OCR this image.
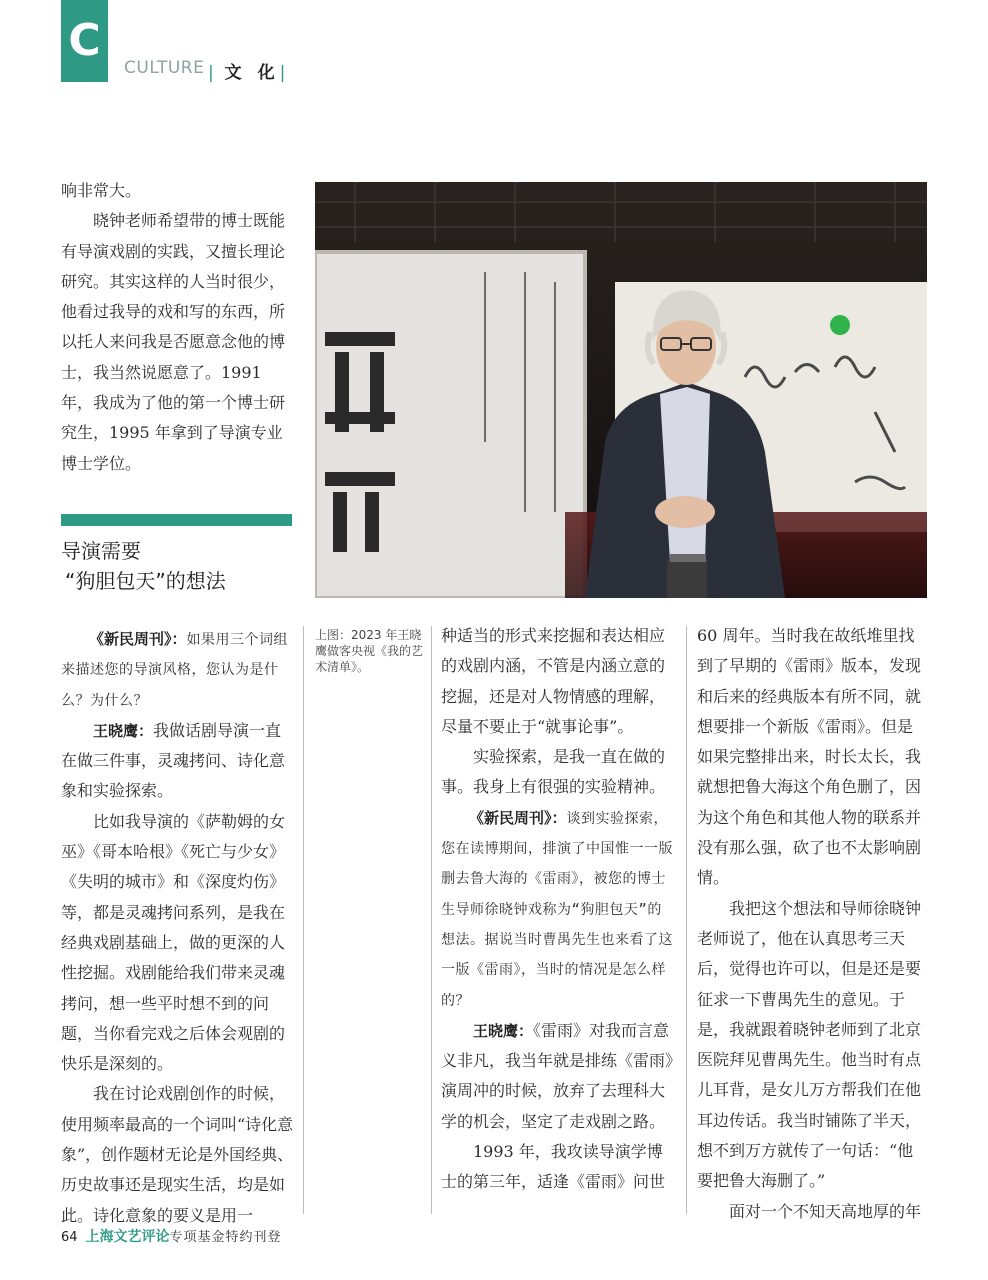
C
CULTURE | 文 化|

响非常大。

晓钟老师希望带的博士既能有导演戏剧的实践，又擅长理论研究。其实这样的人当时很少，他看过我导的戏和写的东西，所以托人来问我是否愿意念他的博士，我当然说愿意了。1991 年，我成为了他的第一个博士研究生，1995 年拿到了导演专业博士学位。

导演需要
“狗胆包天”的想法
上图：2023 年王晓鹰做客央视《我的艺术清单》。

《新民周刊》：如果用三个词组来描述您的导演风格，您认为是什么？为什么？

王晓鹰：我做话剧导演一直在做三件事，灵魂拷问、诗化意象和实验探索。

比如我导演的《萨勒姆的女巫》《哥本哈根》《死亡与少女》《失明的城市》和《深度灼伤》等，都是灵魂拷问系列，是我在经典戏剧基础上，做的更深的人性挖掘。戏剧能给我们带来灵魂拷问，想一些平时想不到的问题，当你看完戏之后体会观剧的快乐是深刻的。

我在讨论戏剧创作的时候，使用频率最高的一个词叫“诗化意象”，创作题材无论是外国经典、历史故事还是现实生活，均是如此。诗化意象的要义是用一

种适当的形式来挖掘和表达相应的戏剧内涵，不管是内涵立意的挖掘，还是对人物情感的理解，尽量不要止于“就事论事”。

实验探索，是我一直在做的事。我身上有很强的实验精神。

《新民周刊》：谈到实验探索，您在读博期间，排演了中国惟一一版删去鲁大海的《雷雨》，被您的博士生导师徐晓钟戏称为“狗胆包天”的想法。据说当时曹禺先生也来看了这一版《雷雨》，当时的情况是怎么样的？

王晓鹰：《雷雨》对我而言意义非凡，我当年就是排练《雷雨》演周冲的时候，放弃了去理科大学的机会，坚定了走戏剧之路。

1993 年，我攻读导演学博士的第三年，适逢《雷雨》问世

60 周年。当时我在故纸堆里找到了早期的《雷雨》版本，发现和后来的经典版本有所不同，就想要排一个新版《雷雨》。但是如果完整排出来，时长太长，我就想把鲁大海这个角色删了，因为这个角色和其他人物的联系并没有那么强，砍了也不太影响剧情。

我把这个想法和导师徐晓钟老师说了，他在认真思考三天后，觉得也许可以，但是还是要征求一下曹禺先生的意见。于是，我就跟着晓钟老师到了北京医院拜见曹禺先生。他当时有点儿耳背，是女儿万方帮我们在他耳边传话。我当时铺陈了半天，想不到万方就传了一句话：“他要把鲁大海删了。”

面对一个不知天高地厚的年

64 上海文艺评论专项基金特约刊登
